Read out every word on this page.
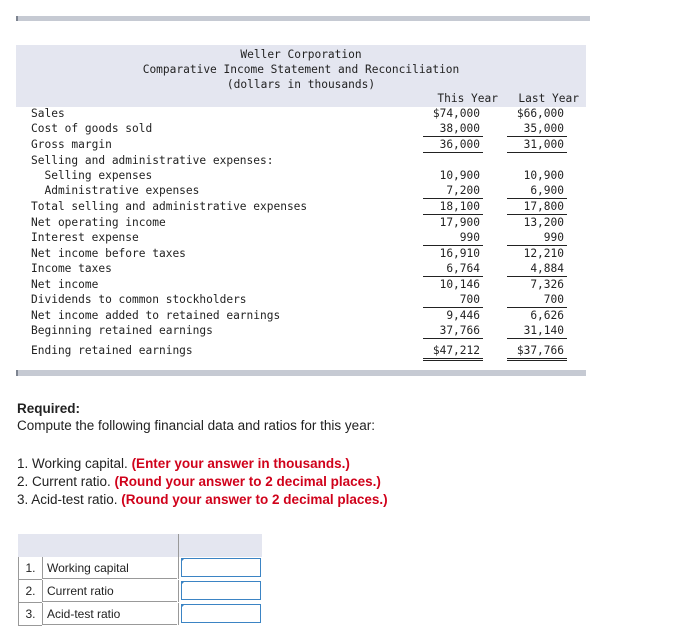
Weller Corporation
Comparative Income Statement and Reconciliation
(dollars in thousands)
This Year	Last Year
Sales	$74,000	$66,000
Cost of goods sold	38,000	35,000
Gross margin	36,000	31,000
Selling and administrative expenses:
Selling expenses	10,900	10,900
Administrative expenses	7,200	6,900
Total selling and administrative expenses	18,100	17,800
Net operating income	17,900	13,200
Interest expense	990	990
Net income before taxes	16,910	12,210
Income taxes	6,764	4,884
Net income	10,146	7,326
Dividends to common stockholders	700	700
Net income added to retained earnings	9,446	6,626
Beginning retained earnings	37,766	31,140
Ending retained earnings	$47,212	$37,766
Required:
Compute the following financial data and ratios for this year:
1. Working capital. (Enter your answer in thousands.)
2. Current ratio. (Round your answer to 2 decimal places.)
3. Acid-test ratio. (Round your answer to 2 decimal places.)
1. Working capital
2. Current ratio
3. Acid-test ratio
